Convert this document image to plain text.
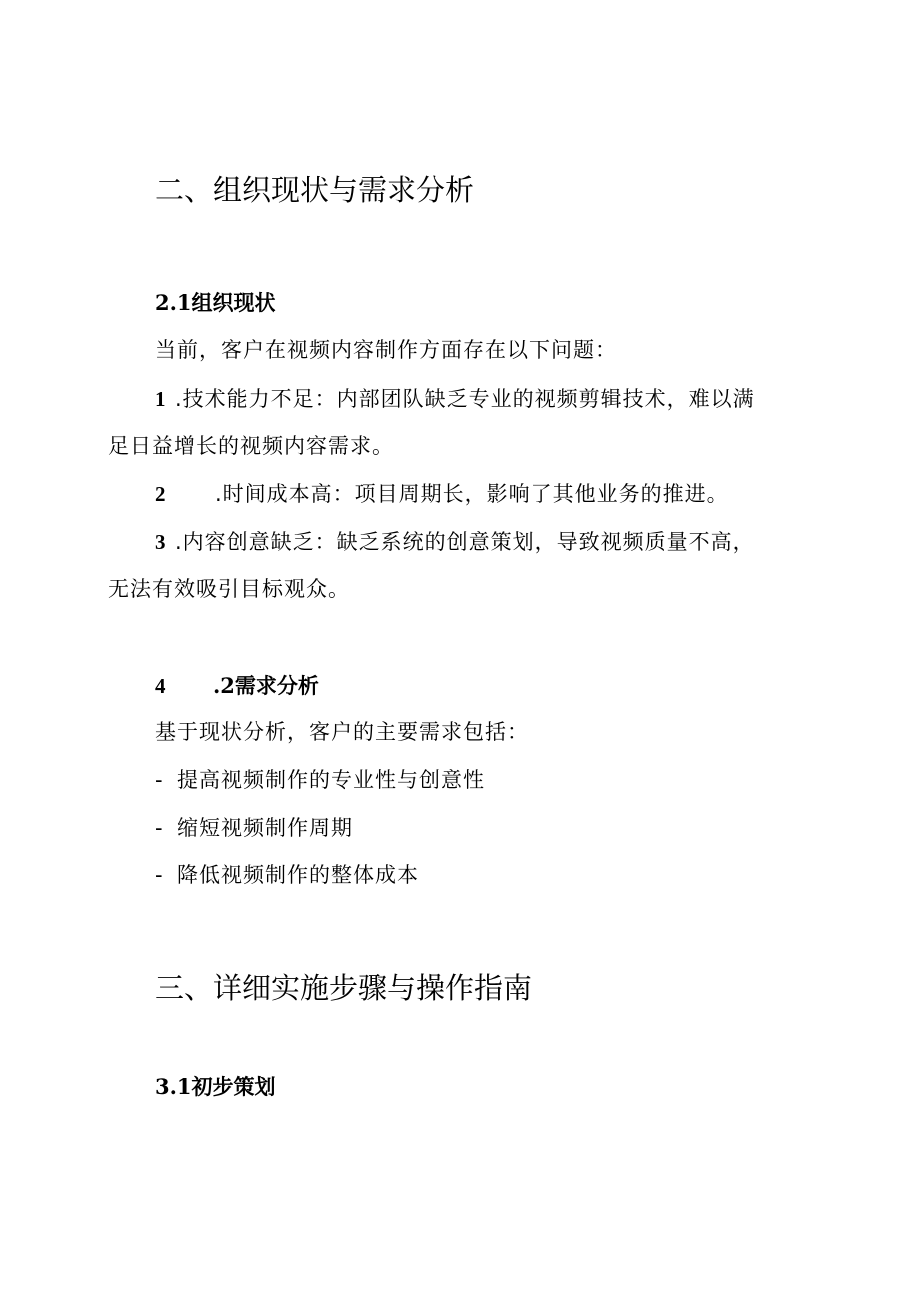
二、组织现状与需求分析
2.1组织现状
当前，客户在视频内容制作方面存在以下问题：
1 .技术能力不足：内部团队缺乏专业的视频剪辑技术，难以满
足日益增长的视频内容需求。
2 .时间成本高：项目周期长，影响了其他业务的推进。
3 .内容创意缺乏：缺乏系统的创意策划，导致视频质量不高，
无法有效吸引目标观众。
4 .2需求分析
基于现状分析，客户的主要需求包括：
- 提高视频制作的专业性与创意性
- 缩短视频制作周期
- 降低视频制作的整体成本
三、详细实施步骤与操作指南
3.1初步策划
